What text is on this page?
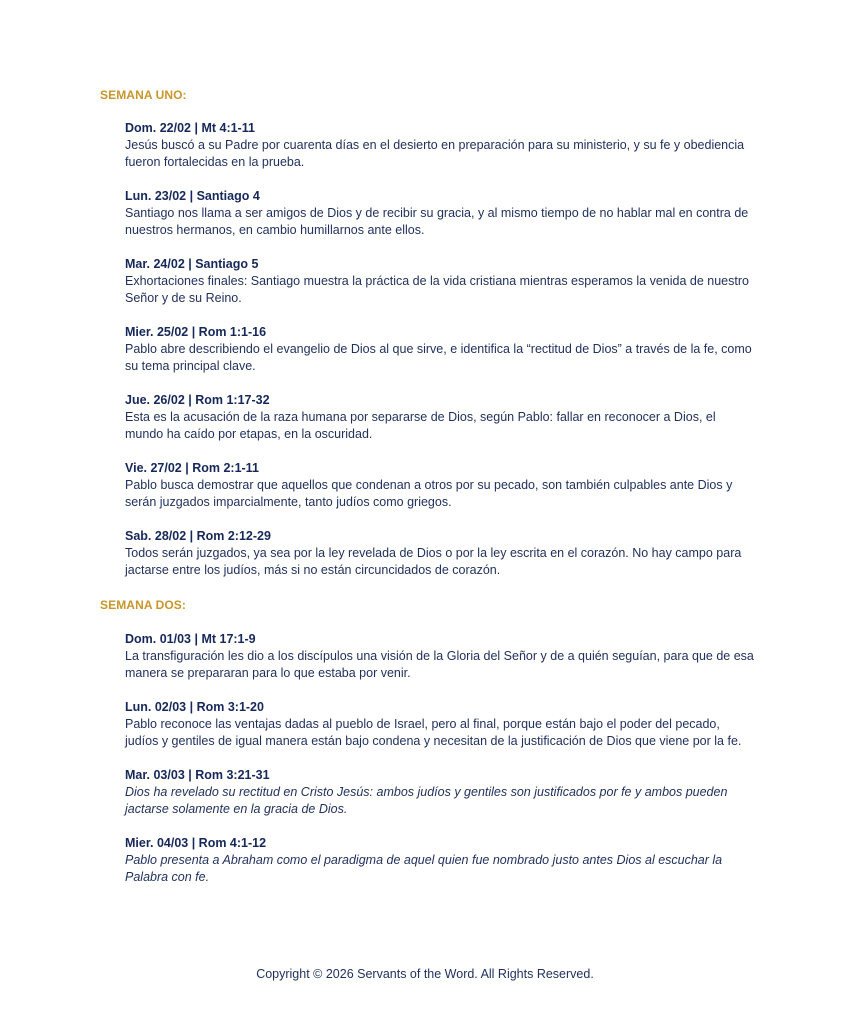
SEMANA UNO:
Dom. 22/02 | Mt 4:1-11
Jesús buscó a su Padre por cuarenta días en el desierto en preparación para su ministerio, y su fe y obediencia fueron fortalecidas en la prueba.
Lun. 23/02 | Santiago 4
Santiago nos llama a ser amigos de Dios y de recibir su gracia, y al mismo tiempo de no hablar mal en contra de nuestros hermanos, en cambio humillarnos ante ellos.
Mar. 24/02 | Santiago 5
Exhortaciones finales: Santiago muestra la práctica de la vida cristiana mientras esperamos la venida de nuestro Señor y de su Reino.
Mier. 25/02 | Rom 1:1-16
Pablo abre describiendo el evangelio de Dios al que sirve, e identifica la “rectitud de Dios” a través de la fe, como su tema principal clave.
Jue. 26/02 | Rom 1:17-32
Esta es la acusación de la raza humana por separarse de Dios, según Pablo: fallar en reconocer a Dios, el mundo ha caído por etapas, en la oscuridad.
Vie. 27/02 | Rom 2:1-11
Pablo busca demostrar que aquellos que condenan a otros por su pecado, son también culpables ante Dios y serán juzgados imparcialmente, tanto judíos como griegos.
Sab. 28/02 | Rom 2:12-29
Todos serán juzgados, ya sea por la ley revelada de Dios o por la ley escrita en el corazón. No hay campo para jactarse entre los judíos, más si no están circuncidados de corazón.
SEMANA DOS:
Dom. 01/03 | Mt 17:1-9
La transfiguración les dio a los discípulos una visión de la Gloria del Señor y de a quién seguían, para que de esa manera se prepararan para lo que estaba por venir.
Lun. 02/03 | Rom 3:1-20
Pablo reconoce las ventajas dadas al pueblo de Israel, pero al final, porque están bajo el poder del pecado, judíos y gentiles de igual manera están bajo condena y necesitan de la justificación de Dios que viene por la fe.
Mar. 03/03 | Rom 3:21-31
Dios ha revelado su rectitud en Cristo Jesús: ambos judíos y gentiles son justificados por fe y ambos pueden jactarse solamente en la gracia de Dios.
Mier. 04/03 | Rom 4:1-12
Pablo presenta a Abraham como el paradigma de aquel quien fue nombrado justo antes Dios al escuchar la Palabra con fe.
Copyright © 2026 Servants of the Word. All Rights Reserved.
